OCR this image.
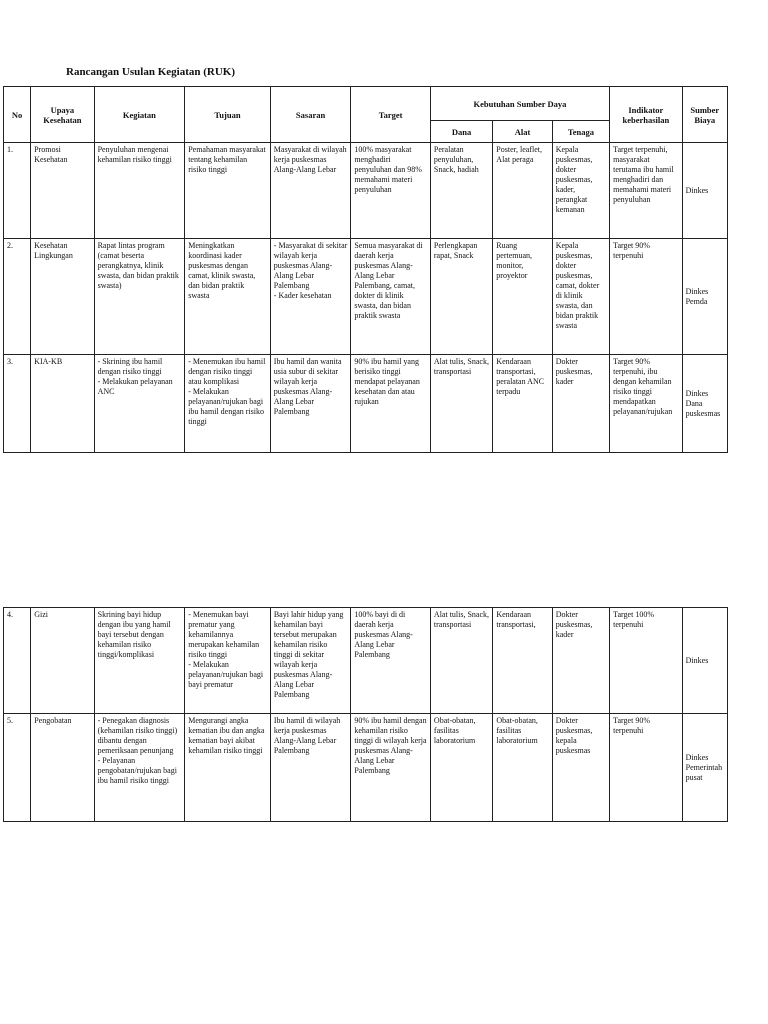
Rancangan Usulan Kegiatan (RUK)
No	Upaya Kesehatan	Kegiatan	Tujuan	Sasaran	Target	Kebutuhan Sumber Daya			Indikator keberhasilan	Sumber Biaya
						Dana	Alat	Tenaga		
1.	Promosi Kesehatan	Penyuluhan mengenai kehamilan risiko tinggi	Pemahaman masyarakat tentang kehamilan risiko tinggi	Masyarakat di wilayah kerja puskesmas Alang-Alang Lebar	100% masyarakat menghadiri penyuluhan dan 98% memahami materi penyuluhan	Peralatan penyuluhan, Snack, hadiah	Poster, leaflet, Alat peraga	Kepala puskesmas, dokter puskesmas, kader, perangkat kemanan	Target terpenuhi, masyarakat terutama ibu hamil menghadiri dan memahami materi penyuluhan	Dinkes
2.	Kesehatan Lingkungan	Rapat lintas program (camat beserta perangkatnya, klinik swasta, dan bidan praktik swasta)	Meningkatkan koordinasi kader puskesmas dengan camat, klinik swasta, dan bidan praktik swasta	- Masyarakat di sekitar wilayah kerja puskesmas Alang-Alang Lebar Palembang
- Kader kesehatan	Semua masyarakat di daerah kerja puskesmas Alang-Alang Lebar Palembang, camat, dokter di klinik swasta, dan bidan praktik swasta	Perlengkapan rapat, Snack	Ruang pertemuan, monitor, proyektor	Kepala puskesmas, dokter puskesmas, camat, dokter di klinik swasta, dan bidan praktik swasta	Target 90% terpenuhi	Dinkes Pemda
3.	KIA-KB	- Skrining ibu hamil dengan risiko tinggi
- Melakukan pelayanan ANC	- Menemukan ibu hamil dengan risiko tinggi atau komplikasi
- Melakukan pelayanan/rujukan bagi ibu hamil dengan risiko tinggi	Ibu hamil dan wanita usia subur di sekitar wilayah kerja puskesmas Alang-Alang Lebar Palembang	90% ibu hamil yang berisiko tinggi mendapat pelayanan kesehatan dan atau rujukan	Alat tulis, Snack, transportasi	Kendaraan transportasi, peralatan ANC terpadu	Dokter puskesmas, kader	Target 90% terpenuhi, ibu dengan kehamilan risiko tinggi mendapatkan pelayanan/rujukan	Dinkes Dana puskesmas
4.	Gizi	Skrining bayi hidup dengan ibu yang hamil bayi tersebut dengan kehamilan risiko tinggi/komplikasi	- Menemukan bayi prematur yang kehamilannya merupakan kehamilan risiko tinggi
- Melakukan pelayanan/rujukan bagi bayi prematur	Bayi lahir hidup yang kehamilan bayi tersebut merupakan kehamilan risiko tinggi di sekitar wilayah kerja puskesmas Alang-Alang Lebar Palembang	100% bayi di di daerah kerja puskesmas Alang-Alang Lebar Palembang	Alat tulis, Snack, transportasi	Kendaraan transportasi,	Dokter puskesmas, kader	Target 100% terpenuhi	Dinkes
5.	Pengobatan	- Penegakan diagnosis (kehamilan risiko tinggi) dibantu dengan pemeriksaan penunjang
- Pelayanan pengobatan/rujukan bagi ibu hamil risiko tinggi	Mengurangi angka kematian ibu dan angka kematian bayi akibat kehamilan risiko tinggi	Ibu hamil di wilayah kerja puskesmas Alang-Alang Lebar Palembang	90% ibu hamil dengan kehamilan risiko tinggi di wilayah kerja puskesmas Alang-Alang Lebar Palembang	Obat-obatan, fasilitas laboratorium	Obat-obatan, fasilitas laboratorium	Dokter puskesmas, kepala puskesmas	Target 90% terpenuhi	Dinkes Pemerintah pusat
